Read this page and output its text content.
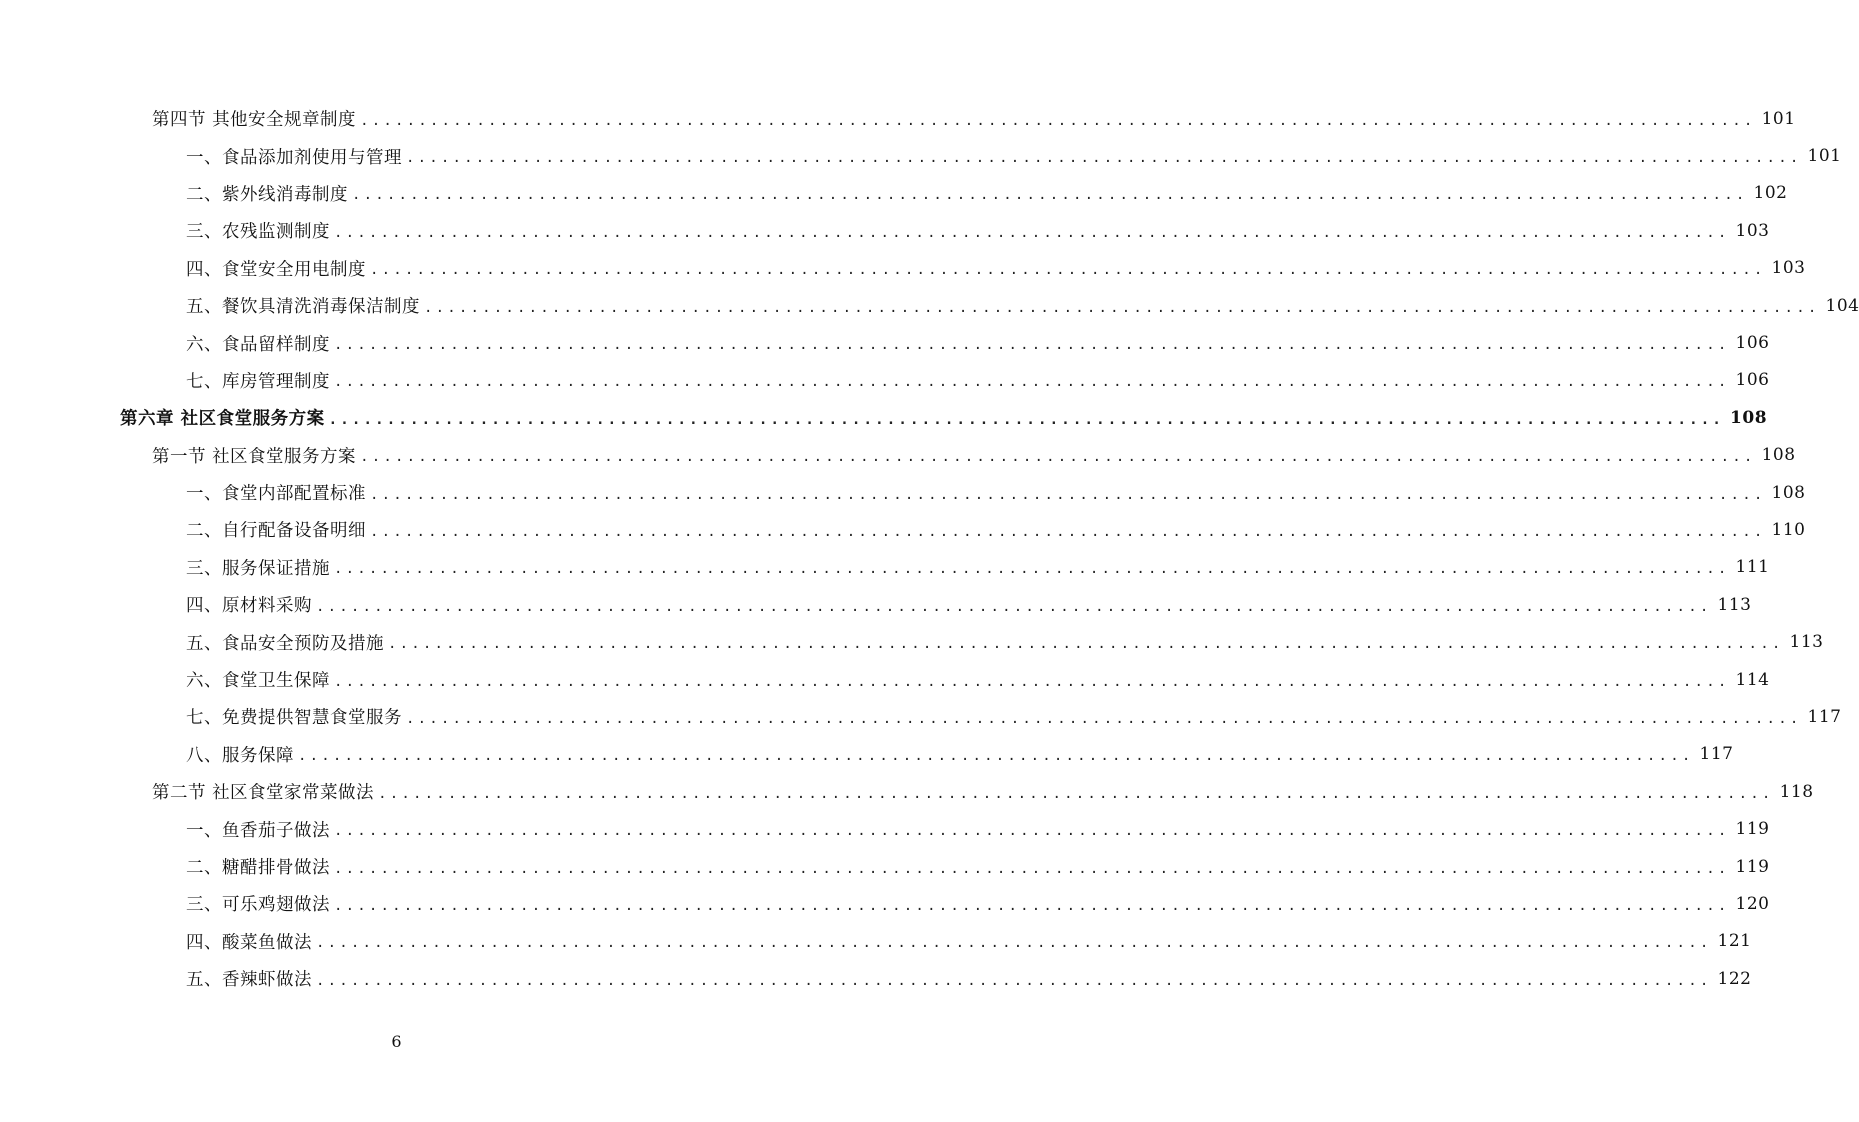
第四节 其他安全规章制度 ........................................................................................................................ 101
一、食品添加剂使用与管理 ........................................................................................................................ 101
二、紫外线消毒制度 ........................................................................................................................ 102
三、农残监测制度 ........................................................................................................................ 103
四、食堂安全用电制度 ........................................................................................................................ 103
五、餐饮具清洗消毒保洁制度 ........................................................................................................................ 104
六、食品留样制度 ........................................................................................................................ 106
七、库房管理制度 ........................................................................................................................ 106
第六章 社区食堂服务方案 ........................................................................................................................ 108
第一节 社区食堂服务方案 ........................................................................................................................ 108
一、食堂内部配置标准 ........................................................................................................................ 108
二、自行配备设备明细 ........................................................................................................................ 110
三、服务保证措施 ........................................................................................................................ 111
四、原材料采购 ........................................................................................................................ 113
五、食品安全预防及措施 ........................................................................................................................ 113
六、食堂卫生保障 ........................................................................................................................ 114
七、免费提供智慧食堂服务 ........................................................................................................................ 117
八、服务保障 ........................................................................................................................ 117
第二节 社区食堂家常菜做法 ........................................................................................................................ 118
一、鱼香茄子做法 ........................................................................................................................ 119
二、糖醋排骨做法 ........................................................................................................................ 119
三、可乐鸡翅做法 ........................................................................................................................ 120
四、酸菜鱼做法 ........................................................................................................................ 121
五、香辣虾做法 ........................................................................................................................ 122
6
